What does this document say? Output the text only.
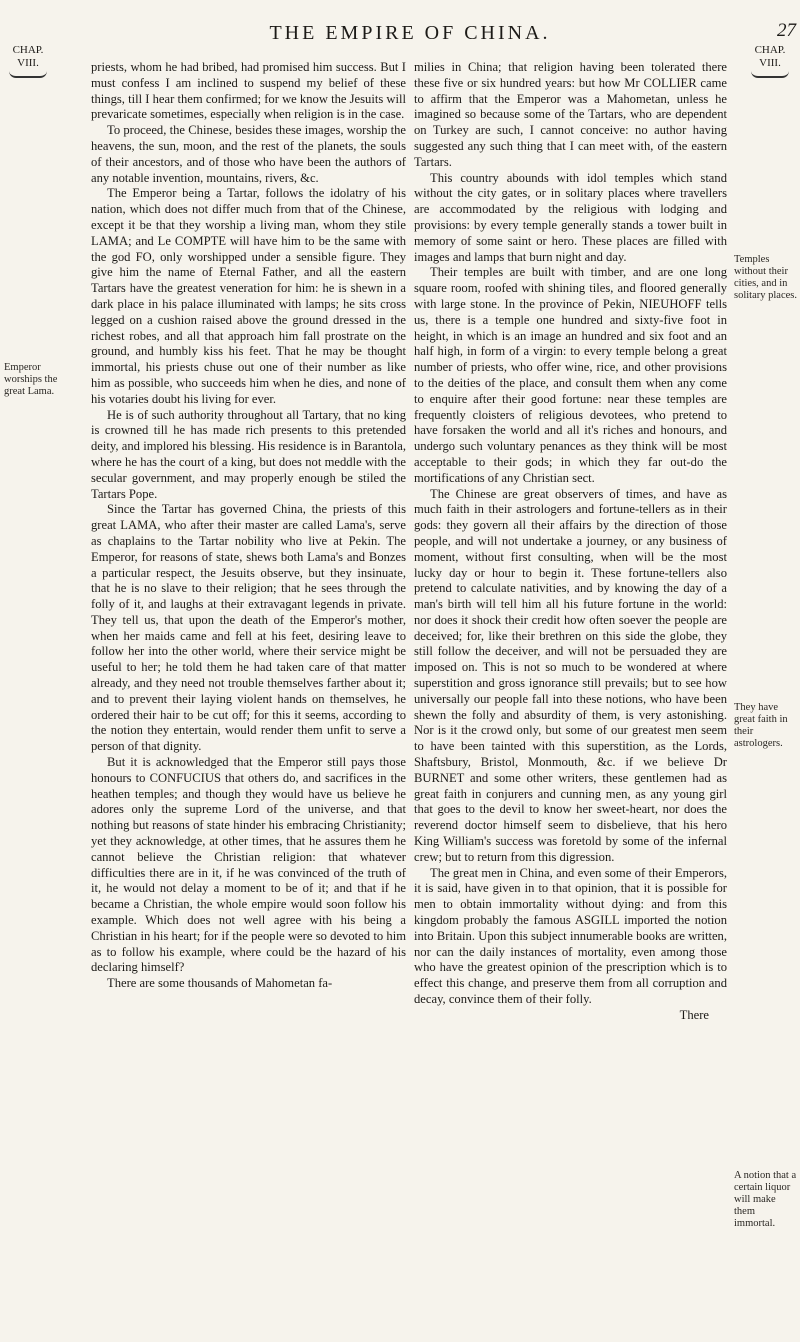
THE EMPIRE OF CHINA.	27
CHAP.
VIII.
CHAP.
VIII.
Emperor worships the great Lama.
Temples without their cities, and in solitary places.
They have great faith in their astrologers.
A notion that a certain liquor will make them immortal.

priests, whom he had bribed, had promised him success. But I must confess I am inclined to suspend my belief of these things, till I hear them confirmed; for we know the Jesuits will prevaricate sometimes, especially when religion is in the case.

To proceed, the Chinese, besides these images, worship the heavens, the sun, moon, and the rest of the planets, the souls of their ancestors, and of those who have been the authors of any notable invention, mountains, rivers, &c.

The Emperor being a Tartar, follows the idolatry of his nation, which does not differ much from that of the Chinese, except it be that they worship a living man, whom they stile LAMA; and Le COMPTE will have him to be the same with the god FO, only worshipped under a sensible figure. They give him the name of Eternal Father, and all the eastern Tartars have the greatest veneration for him: he is shewn in a dark place in his palace illuminated with lamps; he sits cross legged on a cushion raised above the ground dressed in the richest robes, and all that approach him fall prostrate on the ground, and humbly kiss his feet. That he may be thought immortal, his priests chuse out one of their number as like him as possible, who succeeds him when he dies, and none of his votaries doubt his living for ever.

He is of such authority throughout all Tartary, that no king is crowned till he has made rich presents to this pretended deity, and implored his blessing. His residence is in Barantola, where he has the court of a king, but does not meddle with the secular government, and may properly enough be stiled the Tartars Pope.

Since the Tartar has governed China, the priests of this great LAMA, who after their master are called Lama's, serve as chaplains to the Tartar nobility who live at Pekin. The Emperor, for reasons of state, shews both Lama's and Bonzes a particular respect, the Jesuits observe, but they insinuate, that he is no slave to their religion; that he sees through the folly of it, and laughs at their extravagant legends in private. They tell us, that upon the death of the Emperor's mother, when her maids came and fell at his feet, desiring leave to follow her into the other world, where their service might be useful to her; he told them he had taken care of that matter already, and they need not trouble themselves farther about it; and to prevent their laying violent hands on themselves, he ordered their hair to be cut off; for this it seems, according to the notion they entertain, would render them unfit to serve a person of that dignity.

But it is acknowledged that the Emperor still pays those honours to CONFUCIUS that others do, and sacrifices in the heathen temples; and though they would have us believe he adores only the supreme Lord of the universe, and that nothing but reasons of state hinder his embracing Christianity; yet they acknowledge, at other times, that he assures them he cannot believe the Christian religion: that whatever difficulties there are in it, if he was convinced of the truth of it, he would not delay a moment to be of it; and that if he became a Christian, the whole empire would soon follow his example. Which does not well agree with his being a Christian in his heart; for if the people were so devoted to him as to follow his example, where could be the hazard of his declaring himself?

There are some thousands of Mahometan fa-

milies in China; that religion having been tolerated there these five or six hundred years: but how Mr COLLIER came to affirm that the Emperor was a Mahometan, unless he imagined so because some of the Tartars, who are dependent on Turkey are such, I cannot conceive: no author having suggested any such thing that I can meet with, of the eastern Tartars.

This country abounds with idol temples which stand without the city gates, or in solitary places where travellers are accommodated by the religious with lodging and provisions: by every temple generally stands a tower built in memory of some saint or hero. These places are filled with images and lamps that burn night and day.

Their temples are built with timber, and are one long square room, roofed with shining tiles, and floored generally with large stone. In the province of Pekin, NIEUHOFF tells us, there is a temple one hundred and sixty-five foot in height, in which is an image an hundred and six foot and an half high, in form of a virgin: to every temple belong a great number of priests, who offer wine, rice, and other provisions to the deities of the place, and consult them when any come to enquire after their good fortune: near these temples are frequently cloisters of religious devotees, who pretend to have forsaken the world and all it's riches and honours, and undergo such voluntary penances as they think will be most acceptable to their gods; in which they far out-do the mortifications of any Christian sect.

The Chinese are great observers of times, and have as much faith in their astrologers and fortune-tellers as in their gods: they govern all their affairs by the direction of those people, and will not undertake a journey, or any business of moment, without first consulting, when will be the most lucky day or hour to begin it. These fortune-tellers also pretend to calculate nativities, and by knowing the day of a man's birth will tell him all his future fortune in the world: nor does it shock their credit how often soever the people are deceived; for, like their brethren on this side the globe, they still follow the deceiver, and will not be persuaded they are imposed on. This is not so much to be wondered at where superstition and gross ignorance still prevails; but to see how universally our people fall into these notions, who have been shewn the folly and absurdity of them, is very astonishing. Nor is it the crowd only, but some of our greatest men seem to have been tainted with this superstition, as the Lords, Shaftsbury, Bristol, Monmouth, &c. if we believe Dr BURNET and some other writers, these gentlemen had as great faith in conjurers and cunning men, as any young girl that goes to the devil to know her sweet-heart, nor does the reverend doctor himself seem to disbelieve, that his hero King William's success was foretold by some of the infernal crew; but to return from this digression.

The great men in China, and even some of their Emperors, it is said, have given in to that opinion, that it is possible for men to obtain immortality without dying: and from this kingdom probably the famous ASGILL imported the notion into Britain. Upon this subject innumerable books are written, nor can the daily instances of mortality, even among those who have the greatest opinion of the prescription which is to effect this change, and preserve them from all corruption and decay, convince them of their folly.

There
